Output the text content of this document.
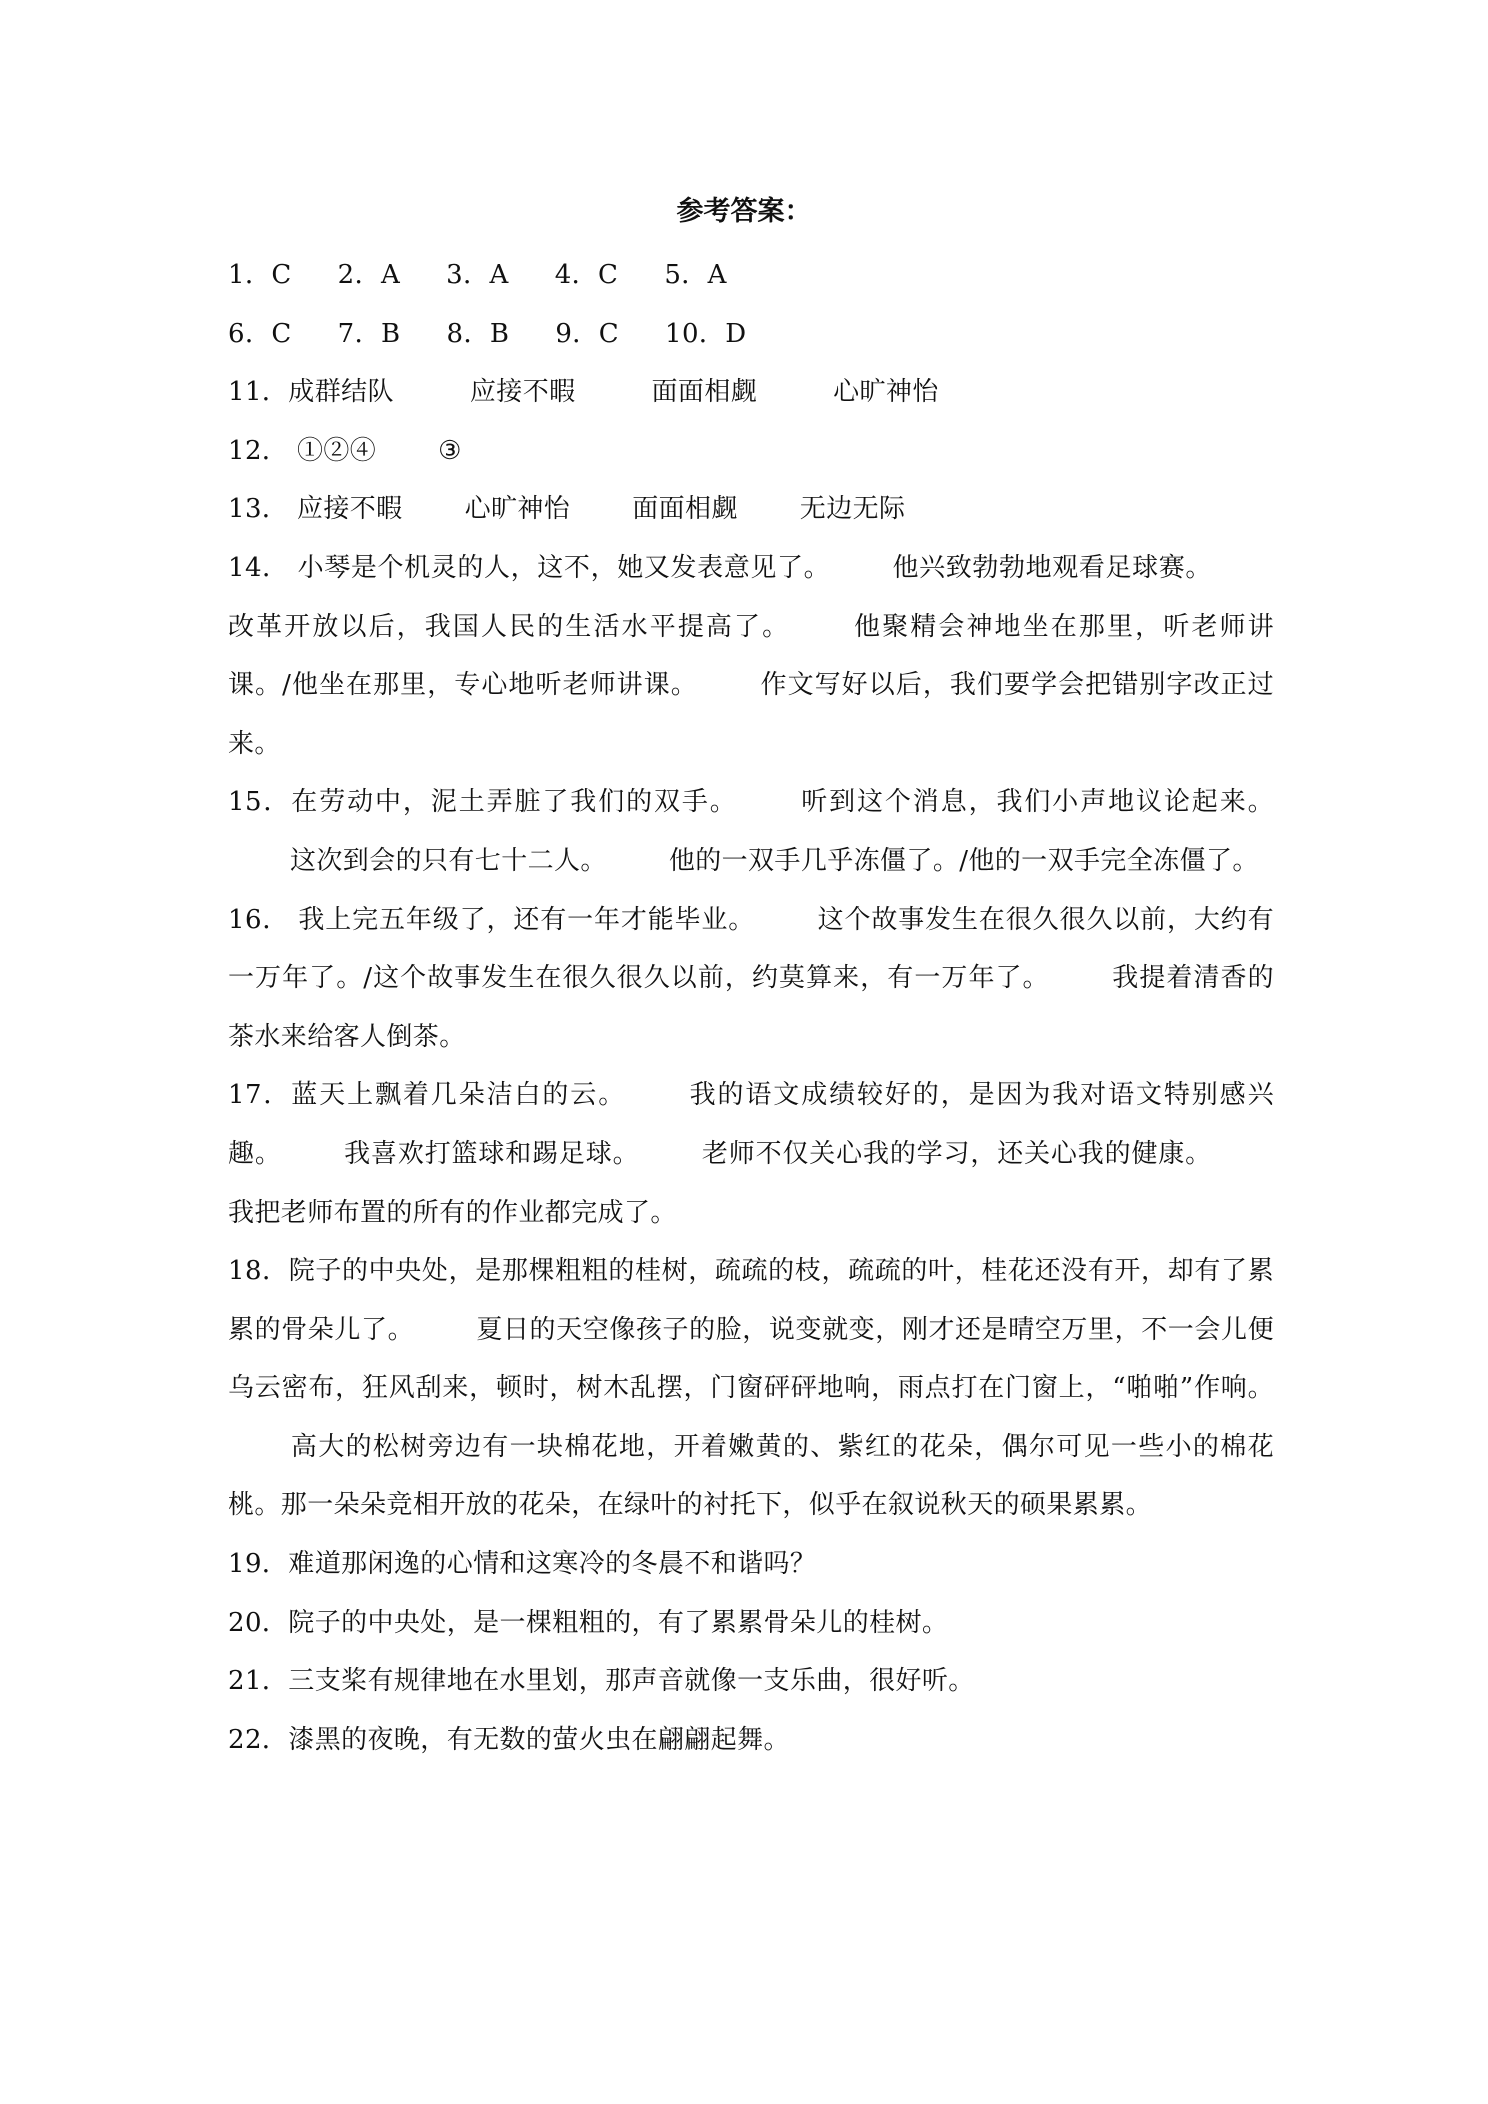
参考答案：

1．C 2．A 3．A 4．C 5．A

6．C 7．B 8．B 9．C 10．D

11．成群结队	应接不暇	面面相觑	心旷神怡

12． ①②④ ③

13． 应接不暇 心旷神怡 面面相觑 无边无际

14． 小琴是个机灵的人，这不，她又发表意见了。 他兴致勃勃地观看足球赛。改革开放以后，我国人民的生活水平提高了。 他聚精会神地坐在那里，听老师讲课。/他坐在那里，专心地听老师讲课。 作文写好以后，我们要学会把错别字改正过来。

15．在劳动中，泥土弄脏了我们的双手。 听到这个消息，我们小声地议论起来。这次到会的只有七十二人。 他的一双手几乎冻僵了。/他的一双手完全冻僵了。

16． 我上完五年级了，还有一年才能毕业。 这个故事发生在很久很久以前，大约有一万年了。/这个故事发生在很久很久以前，约莫算来，有一万年了。 我提着清香的茶水来给客人倒茶。

17．蓝天上飘着几朵洁白的云。 我的语文成绩较好的，是因为我对语文特别感兴趣。 我喜欢打篮球和踢足球。 老师不仅关心我的学习，还关心我的健康。我把老师布置的所有的作业都完成了。

18．院子的中央处，是那棵粗粗的桂树，疏疏的枝，疏疏的叶，桂花还没有开，却有了累累的骨朵儿了。 夏日的天空像孩子的脸，说变就变，刚才还是晴空万里，不一会儿便乌云密布，狂风刮来，顿时，树木乱摆，门窗砰砰地响，雨点打在门窗上，“啪啪”作响。高大的松树旁边有一块棉花地，开着嫩黄的、紫红的花朵，偶尔可见一些小的棉花桃。那一朵朵竞相开放的花朵，在绿叶的衬托下，似乎在叙说秋天的硕果累累。

19．难道那闲逸的心情和这寒冷的冬晨不和谐吗？

20．院子的中央处，是一棵粗粗的，有了累累骨朵儿的桂树。

21．三支桨有规律地在水里划，那声音就像一支乐曲，很好听。

22．漆黑的夜晚，有无数的萤火虫在翩翩起舞。
